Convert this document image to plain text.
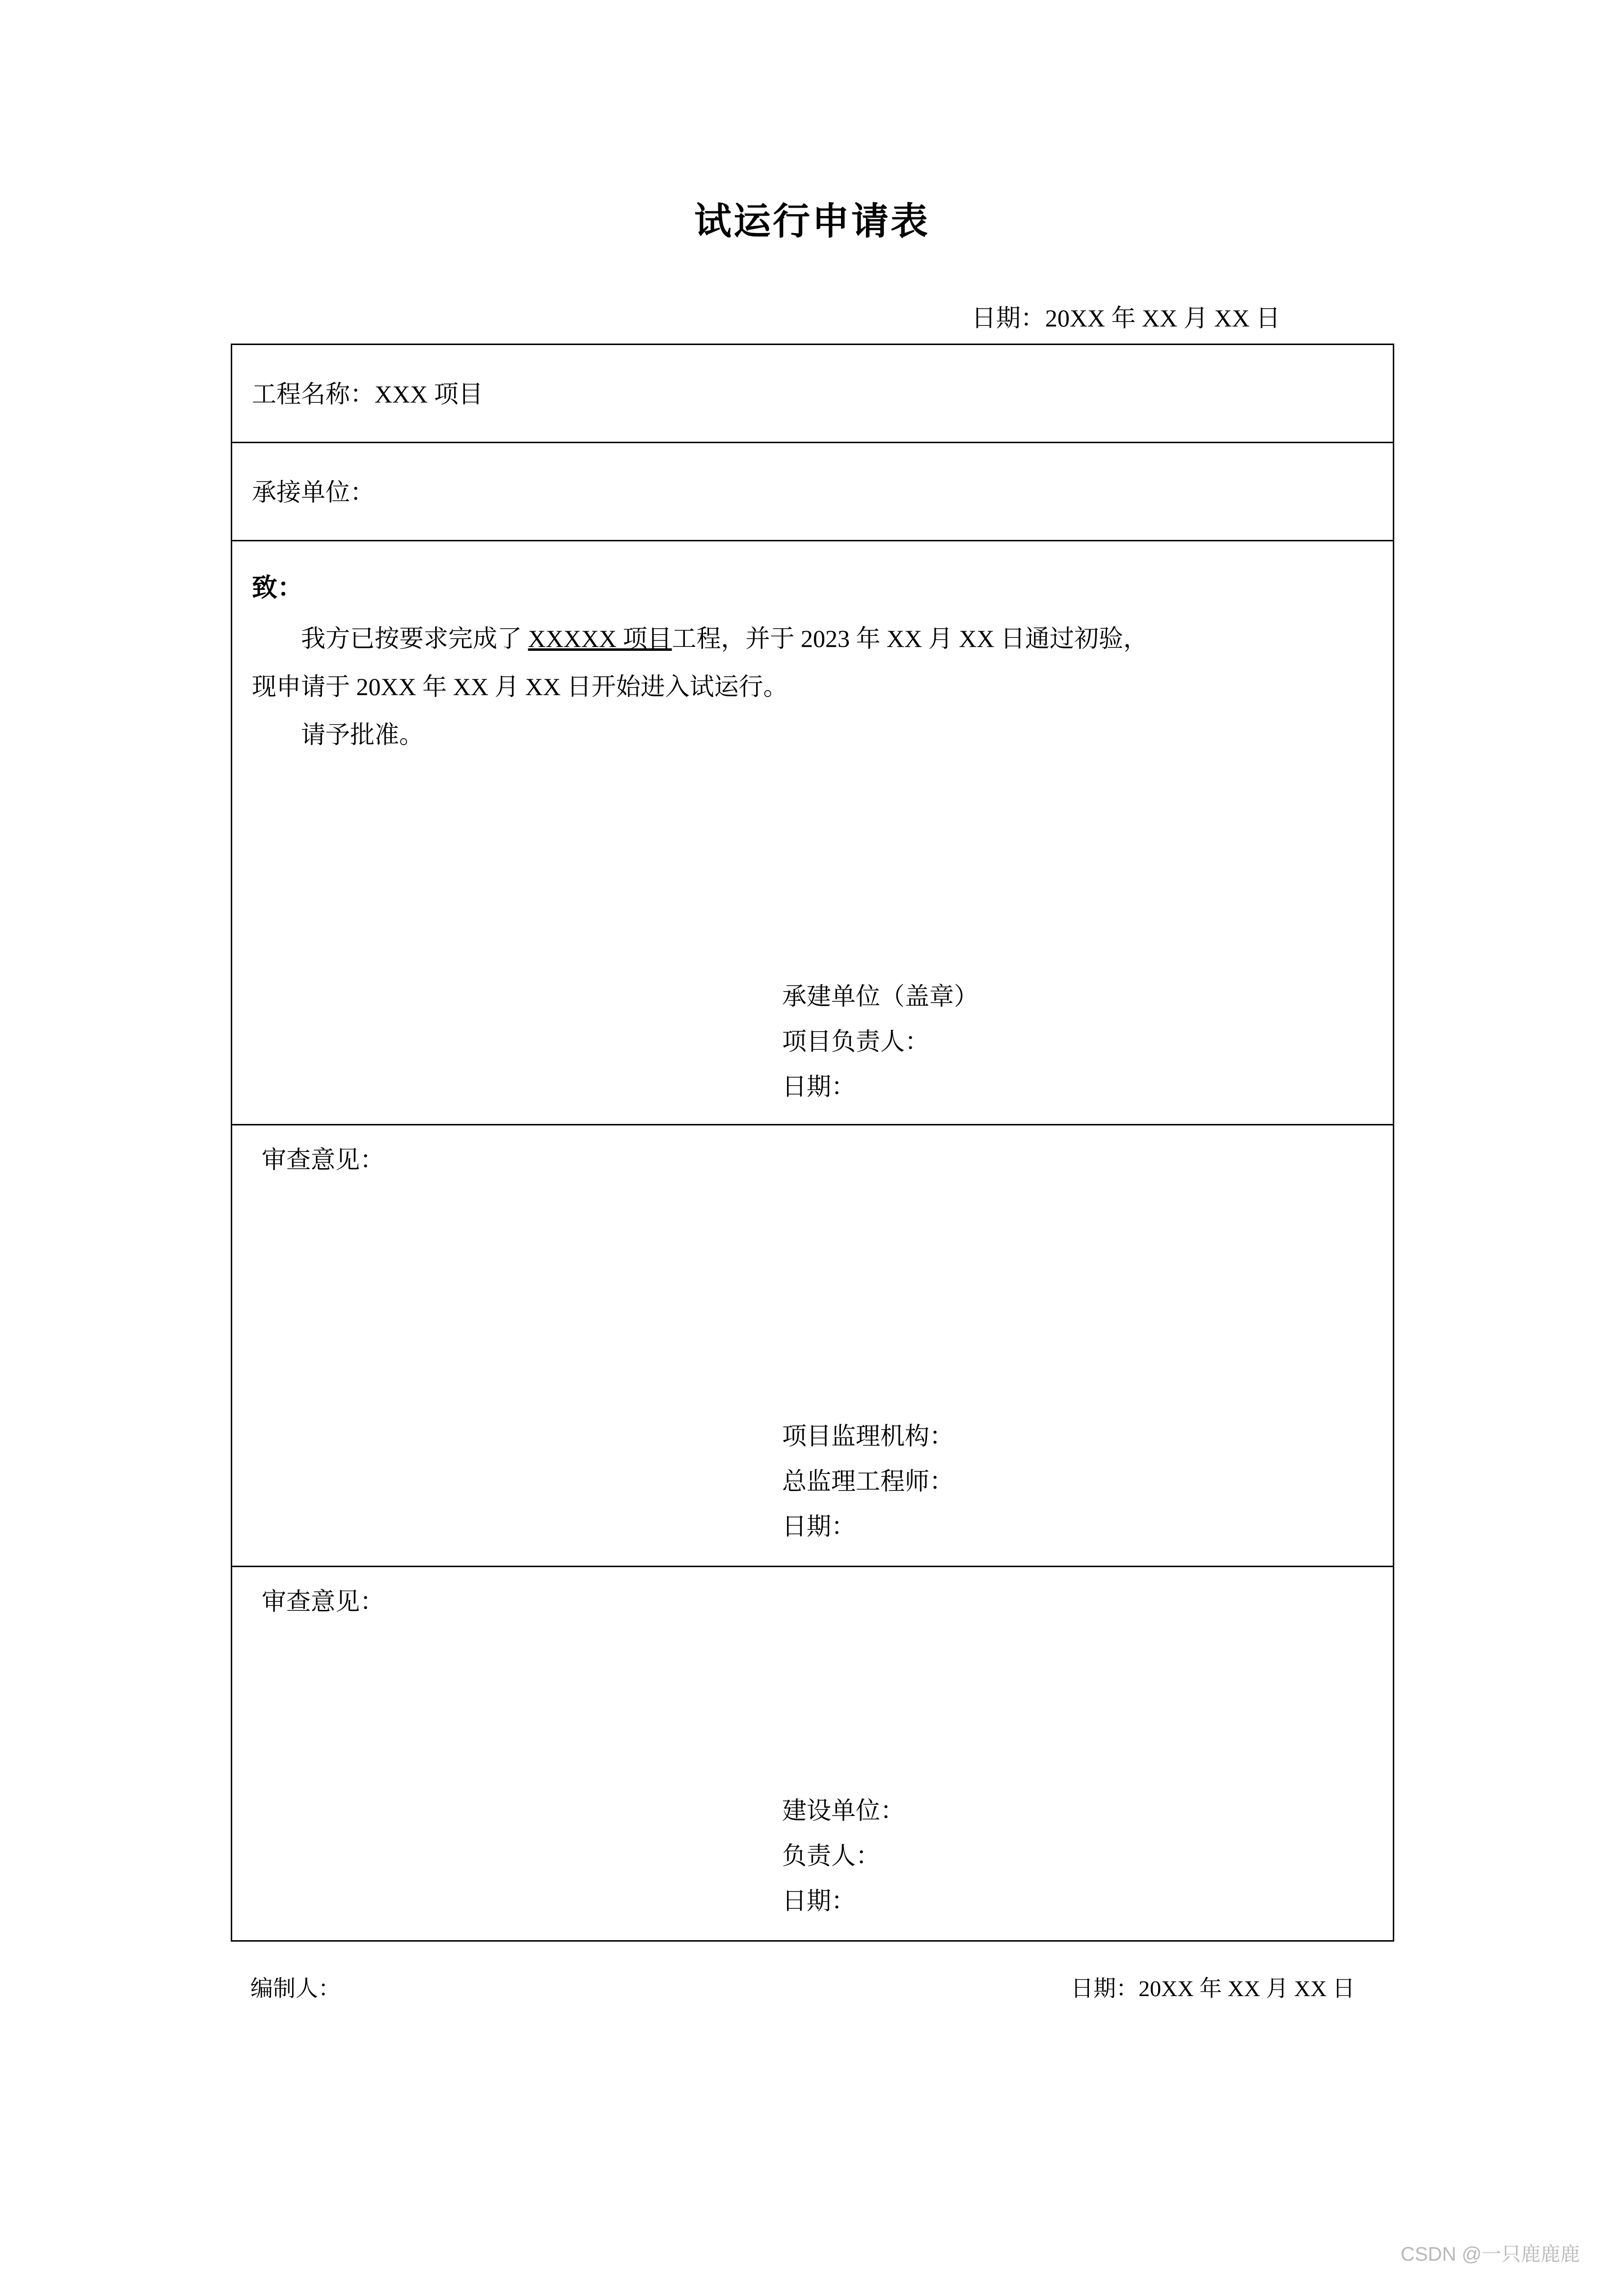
试运行申请表
日期：20XX 年 XX 月 XX 日
工程名称：XXX 项目
承接单位：
致：
我方已按要求完成了 XXXXX 项目工程，并于 2023 年 XX 月 XX 日通过初验，
现申请于 20XX 年 XX 月 XX 日开始进入试运行。
请予批准。
承建单位（盖章）
项目负责人：
日期：
审查意见：
项目监理机构：
总监理工程师：
日期：
审查意见：
建设单位：
负责人：
日期：
编制人：	日期：20XX 年 XX 月 XX 日
CSDN @一只鹿鹿鹿
